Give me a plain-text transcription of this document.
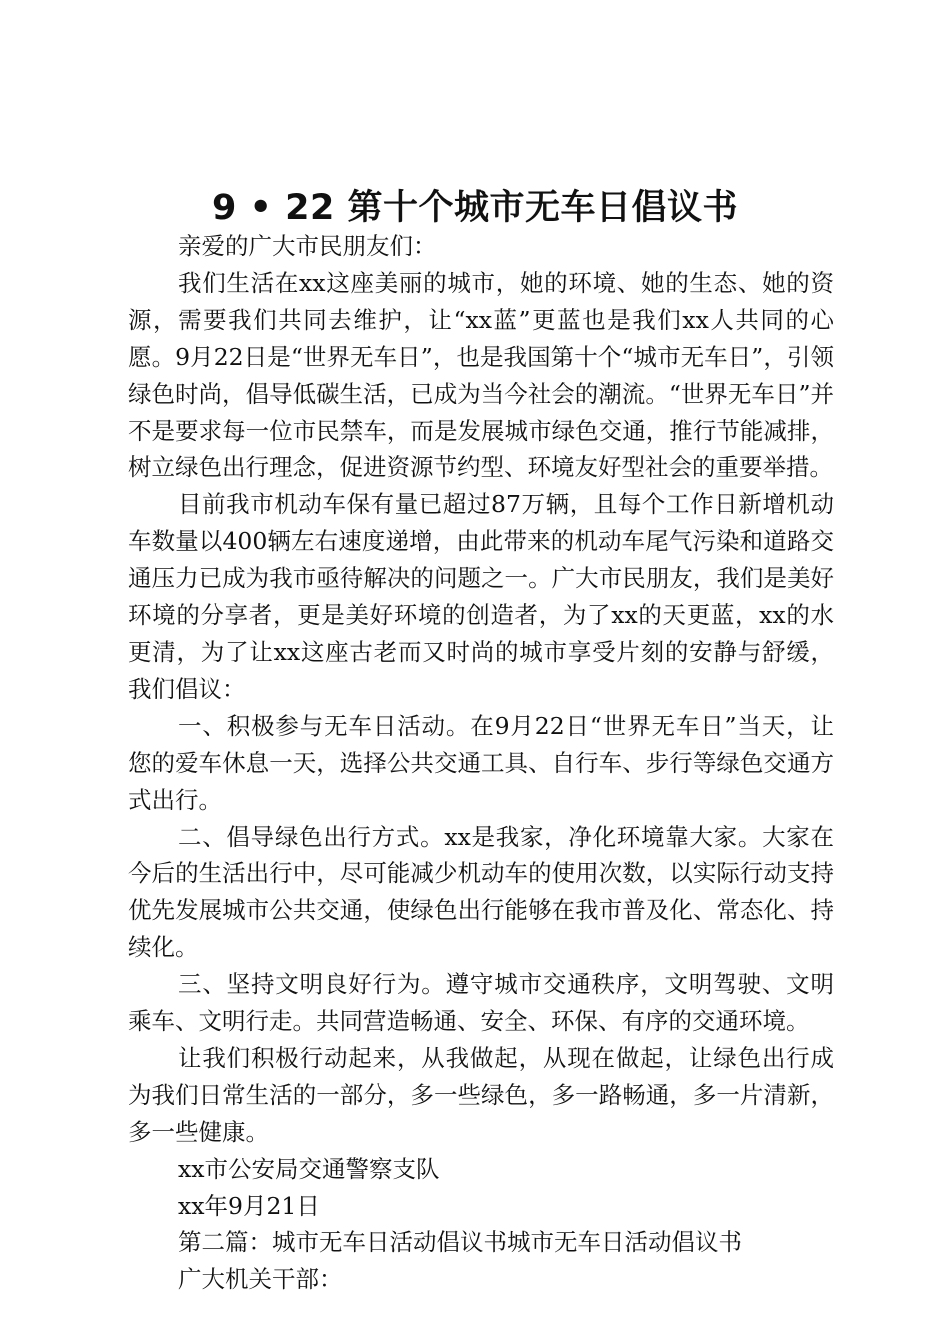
9 • 22 第十个城市无车日倡议书

亲爱的广大市民朋友们：

我们生活在xx这座美丽的城市，她的环境、她的生态、她的资源，需要我们共同去维护，让“xx蓝”更蓝也是我们xx人共同的心愿。9月22日是“世界无车日”，也是我国第十个“城市无车日”，引领绿色时尚，倡导低碳生活，已成为当今社会的潮流。“世界无车日”并不是要求每一位市民禁车，而是发展城市绿色交通，推行节能减排，树立绿色出行理念，促进资源节约型、环境友好型社会的重要举措。

目前我市机动车保有量已超过87万辆，且每个工作日新增机动车数量以400辆左右速度递增，由此带来的机动车尾气污染和道路交通压力已成为我市亟待解决的问题之一。广大市民朋友，我们是美好环境的分享者，更是美好环境的创造者，为了xx的天更蓝，xx的水更清，为了让xx这座古老而又时尚的城市享受片刻的安静与舒缓，我们倡议：

一、积极参与无车日活动。在9月22日“世界无车日”当天，让您的爱车休息一天，选择公共交通工具、自行车、步行等绿色交通方式出行。

二、倡导绿色出行方式。xx是我家，净化环境靠大家。大家在今后的生活出行中，尽可能减少机动车的使用次数，以实际行动支持优先发展城市公共交通，使绿色出行能够在我市普及化、常态化、持续化。

三、坚持文明良好行为。遵守城市交通秩序，文明驾驶、文明乘车、文明行走。共同营造畅通、安全、环保、有序的交通环境。

让我们积极行动起来，从我做起，从现在做起，让绿色出行成为我们日常生活的一部分，多一些绿色，多一路畅通，多一片清新，多一些健康。

xx市公安局交通警察支队

xx年9月21日

第二篇：城市无车日活动倡议书城市无车日活动倡议书

广大机关干部：
